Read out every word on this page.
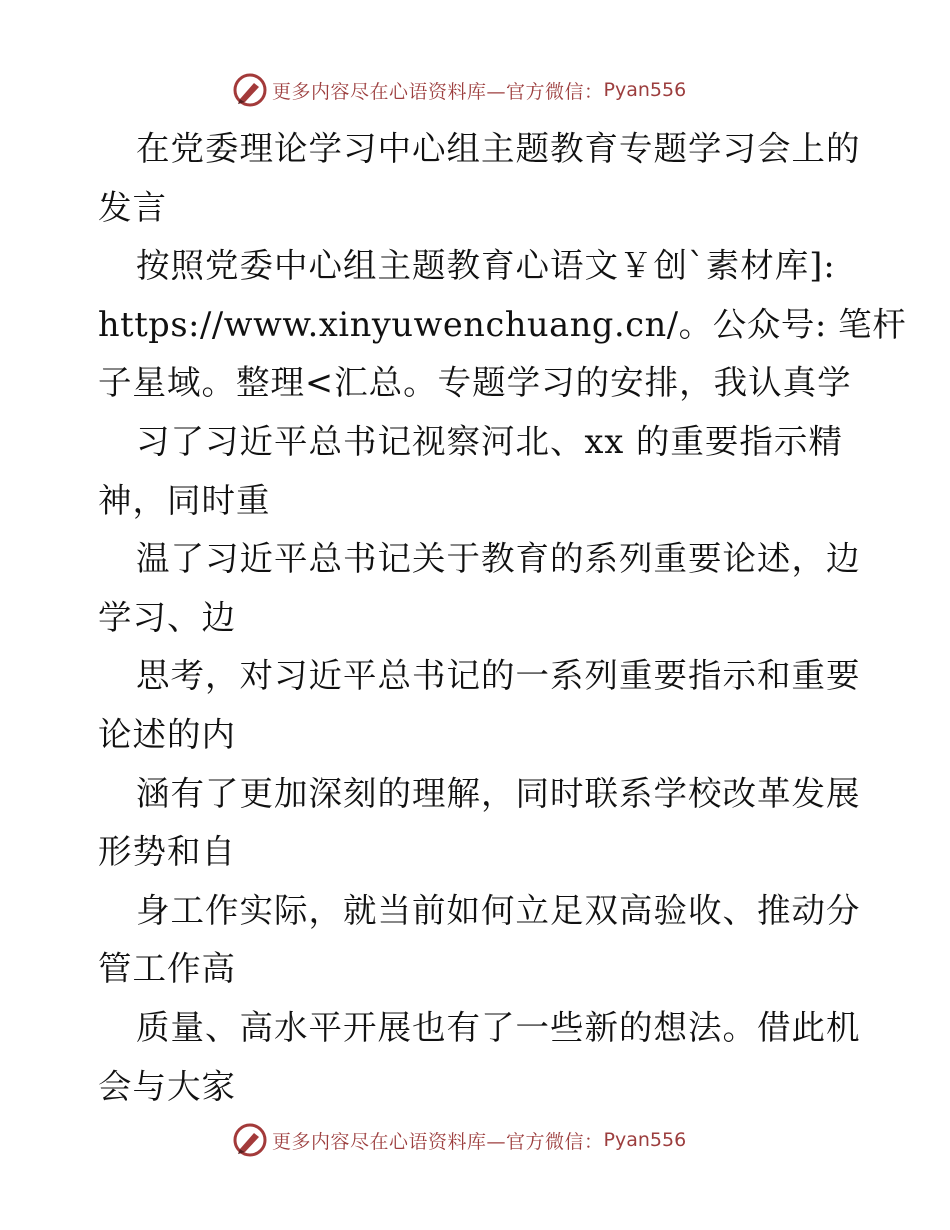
更多内容尽在心语资料库—官方微信： Pyan556
在党委理论学习中心组主题教育专题学习会上的
发言
按照党委中心组主题教育心语文￥创`素材库]:
https://www.xinyuwenchuang.cn/。公众号: 笔杆
子星域。整理<汇总。专题学习的安排，我认真学
习了习近平总书记视察河北、xx 的重要指示精
神，同时重
温了习近平总书记关于教育的系列重要论述，边
学习、边
思考，对习近平总书记的一系列重要指示和重要
论述的内
涵有了更加深刻的理解，同时联系学校改革发展
形势和自
身工作实际，就当前如何立足双高验收、推动分
管工作高
质量、高水平开展也有了一些新的想法。借此机
会与大家
更多内容尽在心语资料库—官方微信： Pyan556
